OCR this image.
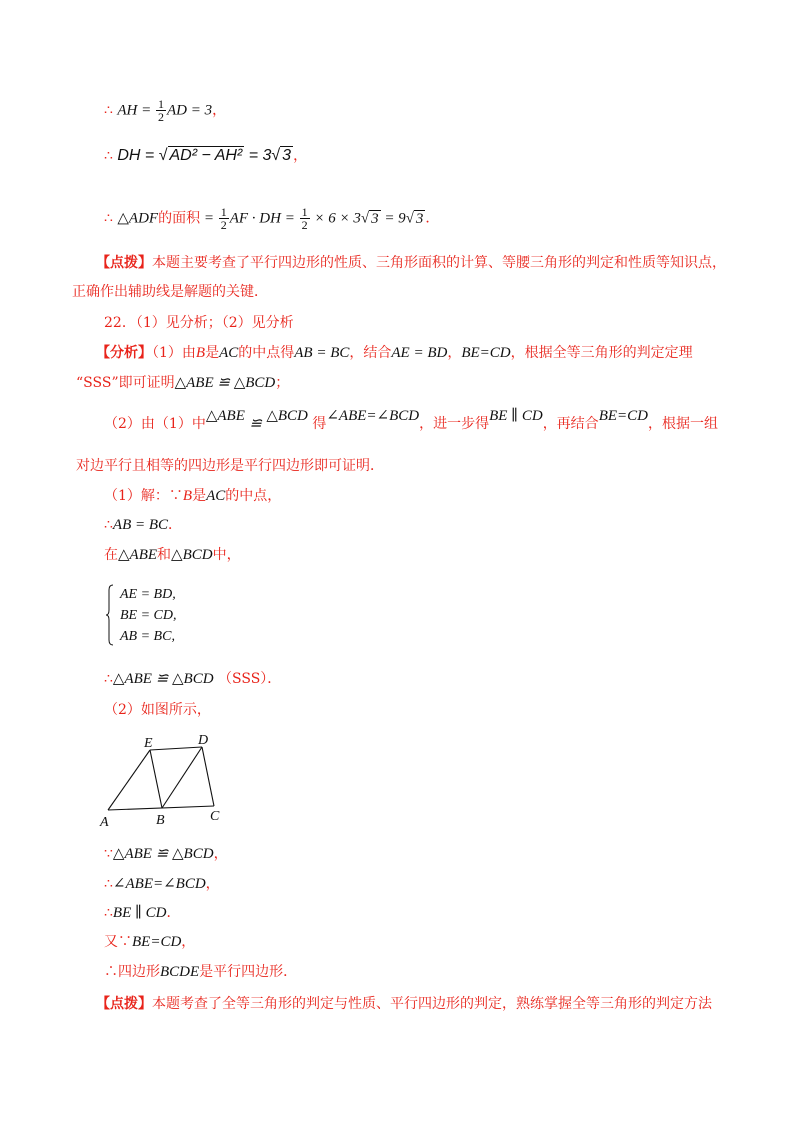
∴ AH = $\frac{1}{2}$ AD = 3，
∴ DH = √ AD² − AH² = 3√ 3 ，
∴ △ADF的面积 = $\frac{1}{2}$ AF · DH = $\frac{1}{2} \times 6 \times 3√$ 3 = 9√ 3 ．
【点拨】本题主要考查了平行四边形的性质、三角形面积的计算、等腰三角形的判定和性质等知识点，
正确作出辅助线是解题的关键．
22．（1）见分析；（2）见分析
【分析】（1）由B是AC的中点得AB = BC，结合AE = BD，BE=CD，根据全等三角形的判定定理
“SSS”即可证明△ABE ≌ △BCD；
（2）由（1）中△ABE ≌ △BCD 得∠ABE=∠BCD，进一步得BE ∥ CD，再结合BE=CD，根据一组
对边平行且相等的四边形是平行四边形即可证明．
（1）解：∵B是AC的中点，
∴AB = BC．
在△ABE和△BCD中，
AE = BD,
BE = CD,
AB = BC,
∴△ABE ≌ △BCD （SSS）．
（2）如图所示，
E	D
A	B	C
∵△ABE ≌ △BCD，
∴∠ABE=∠BCD，
∴BE ∥ CD．
又∵BE=CD，
∴四边形BCDE是平行四边形．
【点拨】本题考查了全等三角形的判定与性质、平行四边形的判定，熟练掌握全等三角形的判定方法
